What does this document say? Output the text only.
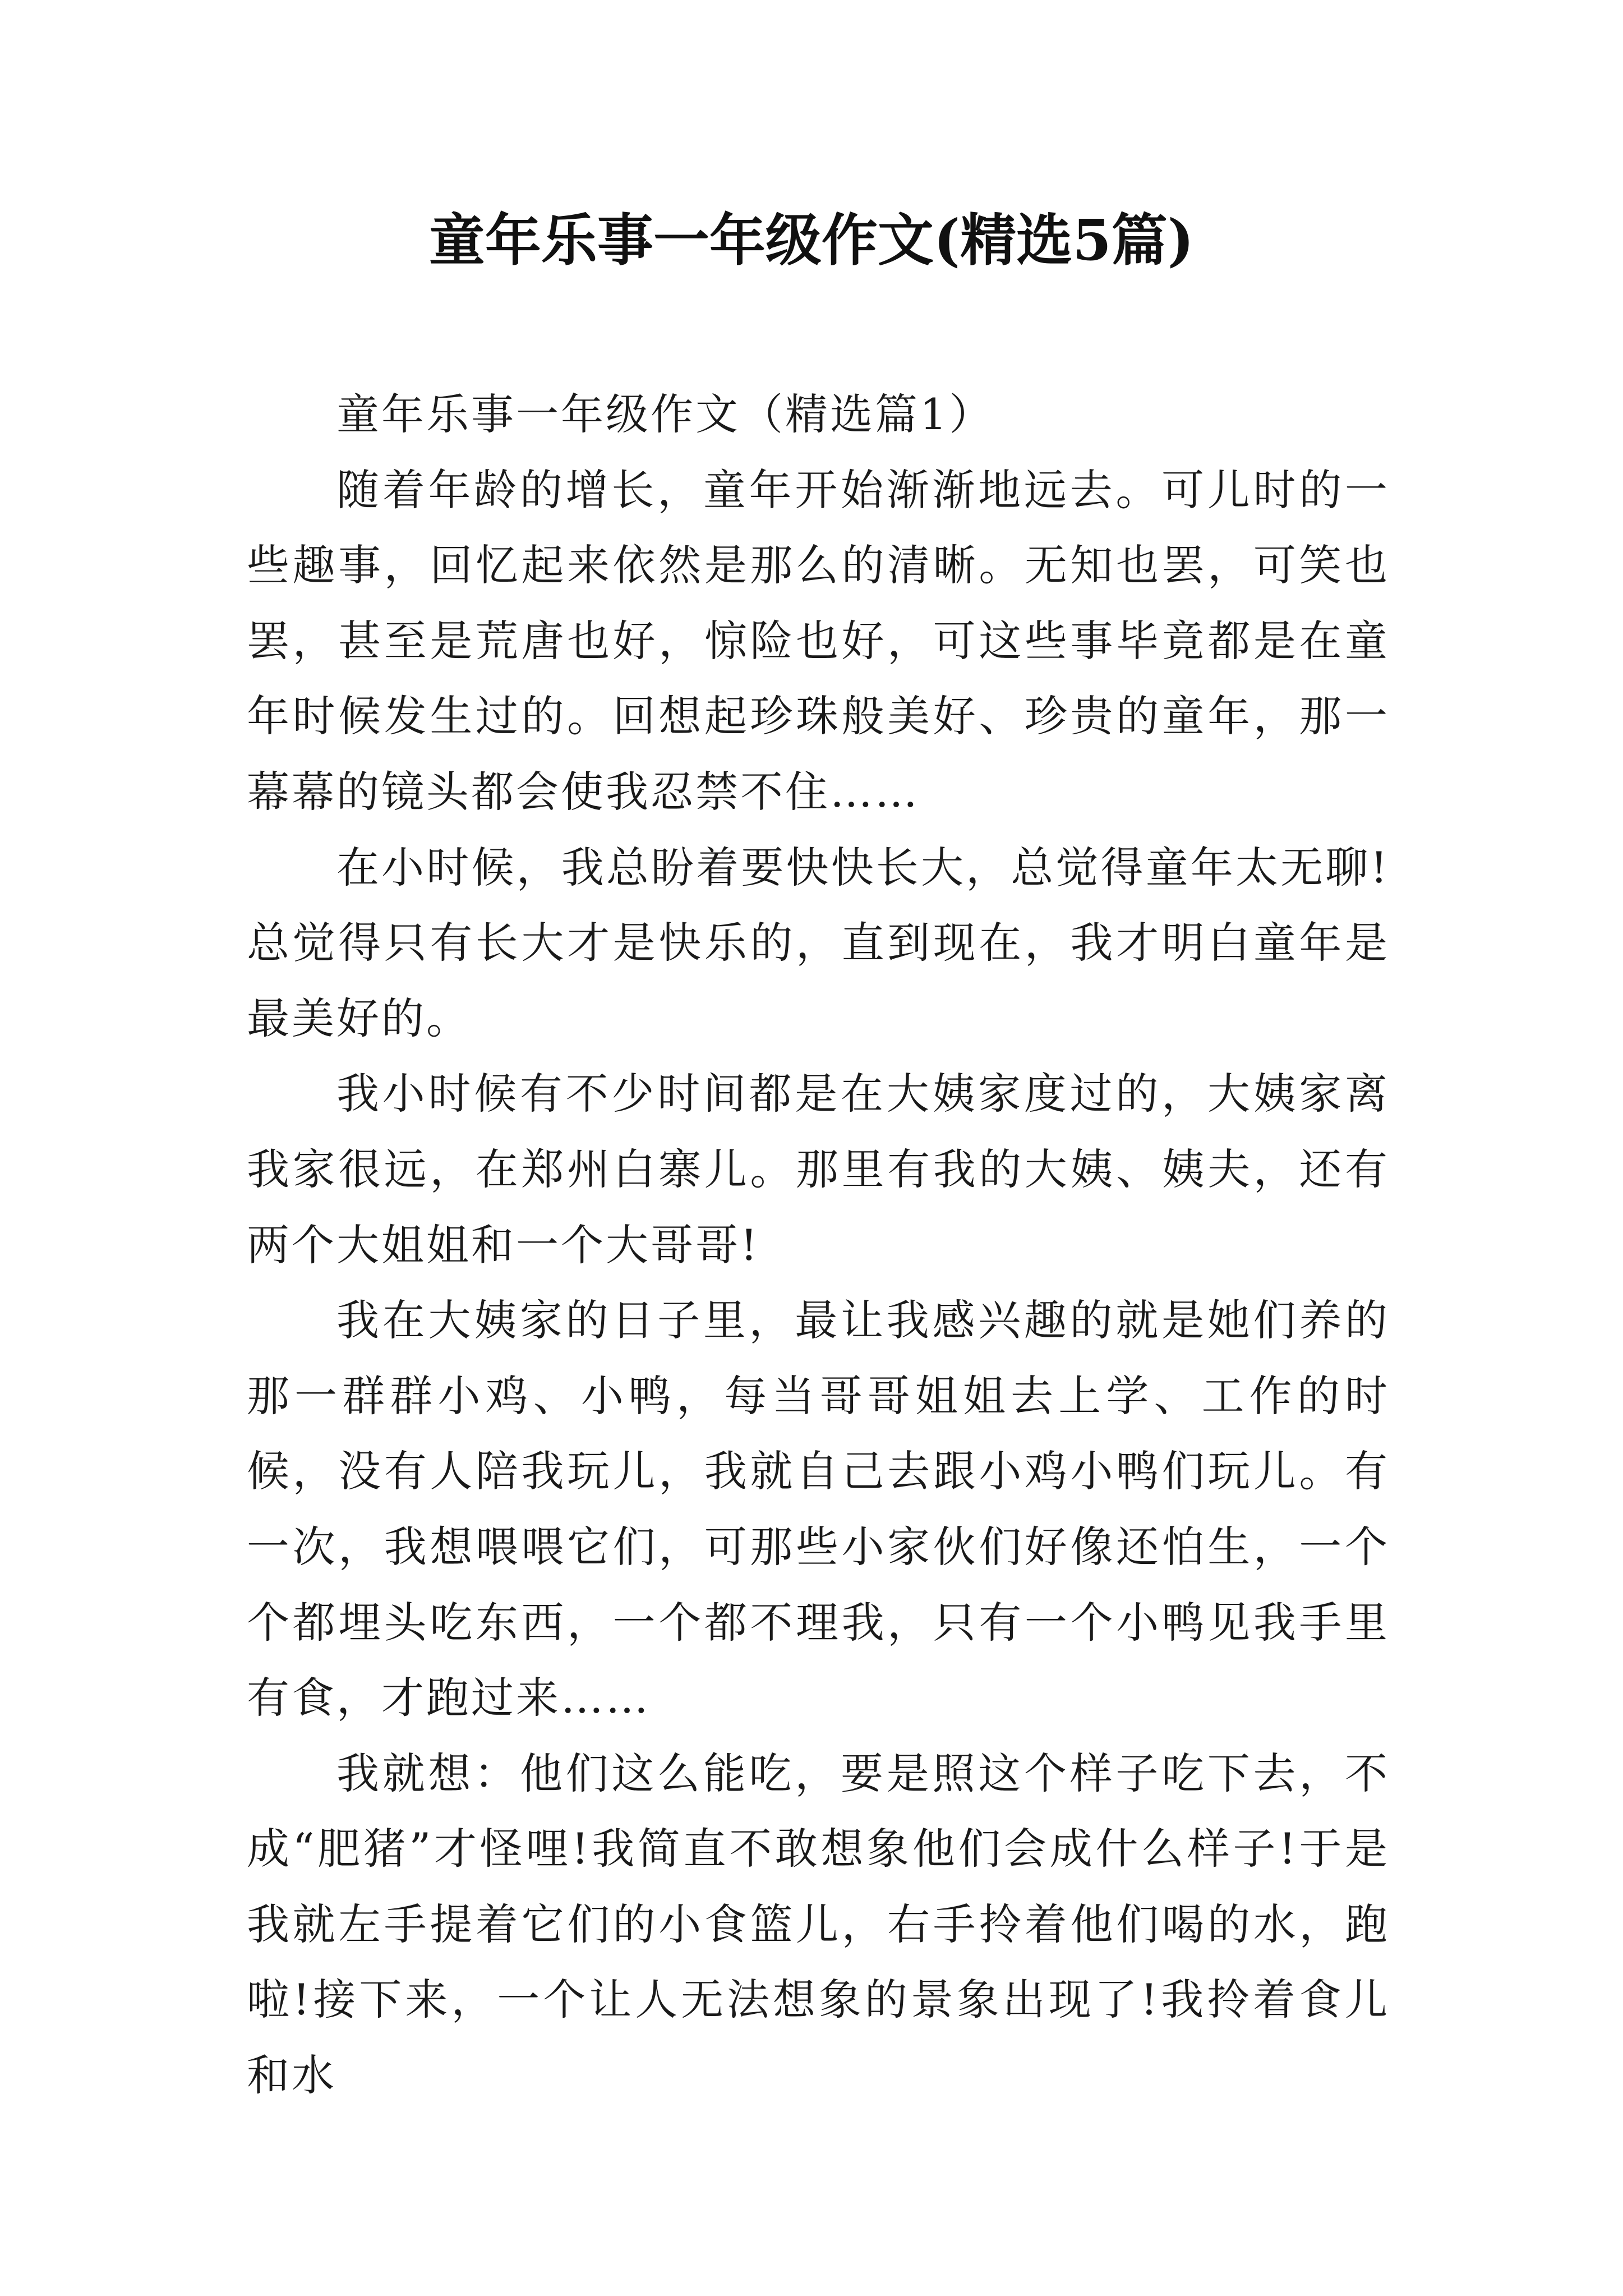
童年乐事一年级作文(精选5篇)

童年乐事一年级作文（精选篇1）

随着年龄的增长，童年开始渐渐地远去。可儿时的一些趣事，回忆起来依然是那么的清晰。无知也罢，可笑也罢，甚至是荒唐也好，惊险也好，可这些事毕竟都是在童年时候发生过的。回想起珍珠般美好、珍贵的童年，那一幕幕的镜头都会使我忍禁不住……

在小时候，我总盼着要快快长大，总觉得童年太无聊!总觉得只有长大才是快乐的，直到现在，我才明白童年是最美好的。

我小时候有不少时间都是在大姨家度过的，大姨家离我家很远，在郑州白寨儿。那里有我的大姨、姨夫，还有两个大姐姐和一个大哥哥!

我在大姨家的日子里，最让我感兴趣的就是她们养的那一群群小鸡、小鸭，每当哥哥姐姐去上学、工作的时候，没有人陪我玩儿，我就自己去跟小鸡小鸭们玩儿。有一次，我想喂喂它们，可那些小家伙们好像还怕生，一个个都埋头吃东西，一个都不理我，只有一个小鸭见我手里有食，才跑过来……

我就想：他们这么能吃，要是照这个样子吃下去，不成“肥猪”才怪哩!我简直不敢想象他们会成什么样子!于是我就左手提着它们的小食篮儿，右手拎着他们喝的水，跑啦!接下来，一个让人无法想象的景象出现了!我拎着食儿和水
